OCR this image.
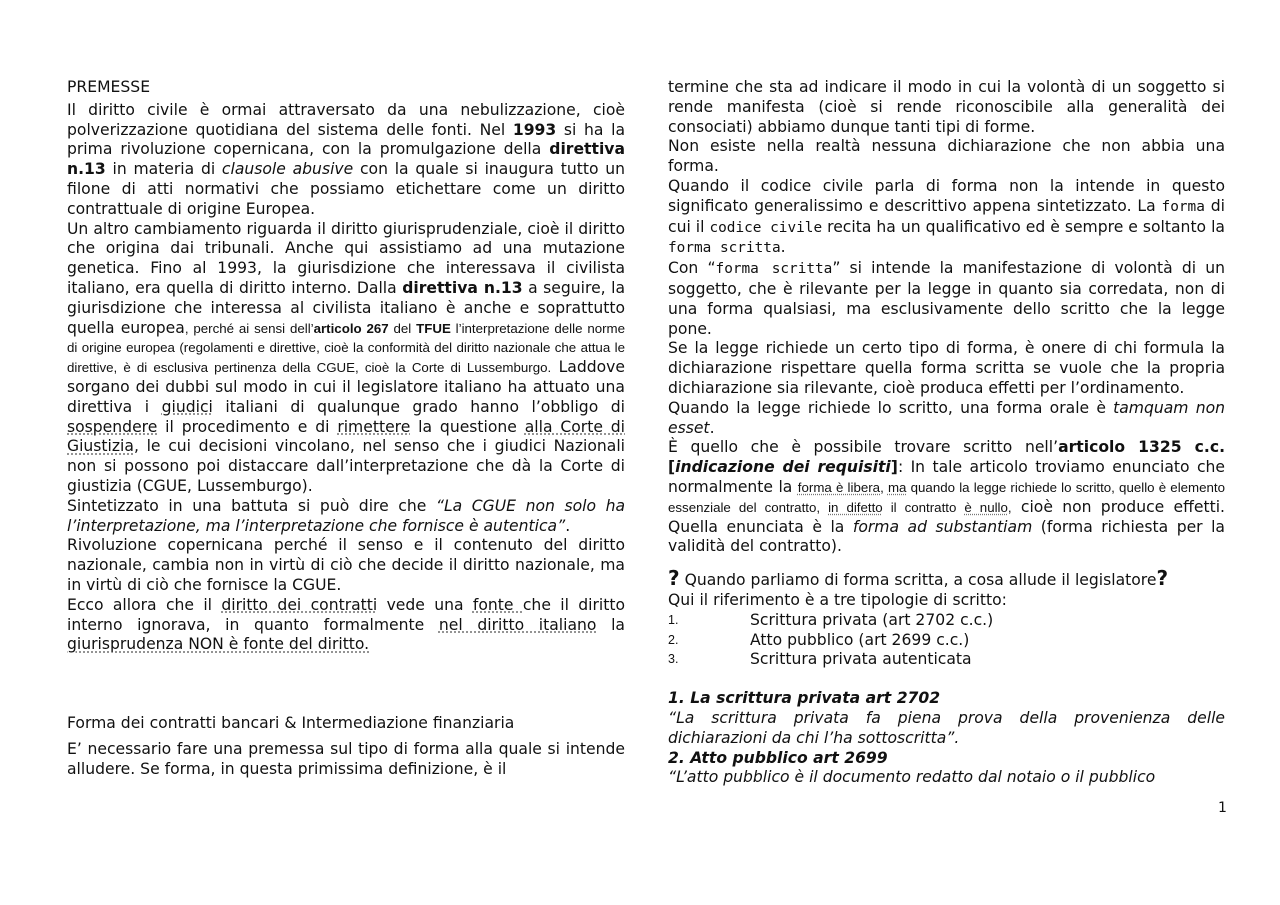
PREMESSE

Il diritto civile è ormai attraversato da una nebulizzazione, cioè polverizzazione quotidiana del sistema delle fonti. Nel 1993 si ha la prima rivoluzione copernicana, con la promulgazione della direttiva n.13 in materia di clausole abusive con la quale si inaugura tutto un filone di atti normativi che possiamo etichettare come un diritto contrattuale di origine Europea.

Un altro cambiamento riguarda il diritto giurisprudenziale, cioè il diritto che origina dai tribunali. Anche qui assistiamo ad una mutazione genetica. Fino al 1993, la giurisdizione che interessava il civilista italiano, era quella di diritto interno. Dalla direttiva n.13 a seguire, la giurisdizione che interessa al civilista italiano è anche e soprattutto quella europea, perché ai sensi dell’articolo 267 del TFUE l’interpretazione delle norme di origine europea (regolamenti e direttive, cioè la conformità del diritto nazionale che attua le direttive, è di esclusiva pertinenza della CGUE, cioè la Corte di Lussemburgo. Laddove sorgano dei dubbi sul modo in cui il legislatore italiano ha attuato una direttiva i giudici italiani di qualunque grado hanno l’obbligo di sospendere il procedimento e di rimettere la questione alla Corte di Giustizia, le cui decisioni vincolano, nel senso che i giudici Nazionali non si possono poi distaccare dall’interpretazione che dà la Corte di giustizia (CGUE, Lussemburgo).

Sintetizzato in una battuta si può dire che “La CGUE non solo ha l’interpretazione, ma l’interpretazione che fornisce è autentica”.

Rivoluzione copernicana perché il senso e il contenuto del diritto nazionale, cambia non in virtù di ciò che decide il diritto nazionale, ma in virtù di ciò che fornisce la CGUE.

Ecco allora che il diritto dei contratti vede una fonte che il diritto interno ignorava, in quanto formalmente nel diritto italiano la giurisprudenza NON è fonte del diritto.

Forma dei contratti bancari & Intermediazione finanziaria

E’ necessario fare una premessa sul tipo di forma alla quale si intende alludere. Se forma, in questa primissima definizione, è il

termine che sta ad indicare il modo in cui la volontà di un soggetto si rende manifesta (cioè si rende riconoscibile alla generalità dei consociati) abbiamo dunque tanti tipi di forme.

Non esiste nella realtà nessuna dichiarazione che non abbia una forma.

Quando il codice civile parla di forma non la intende in questo significato generalissimo e descrittivo appena sintetizzato. La forma di cui il codice civile recita ha un qualificativo ed è sempre e soltanto la forma scritta.

Con “forma scritta” si intende la manifestazione di volontà di un soggetto, che è rilevante per la legge in quanto sia corredata, non di una forma qualsiasi, ma esclusivamente dello scritto che la legge pone.

Se la legge richiede un certo tipo di forma, è onere di chi formula la dichiarazione rispettare quella forma scritta se vuole che la propria dichiarazione sia rilevante, cioè produca effetti per l’ordinamento.

Quando la legge richiede lo scritto, una forma orale è tamquam non esset.

È quello che è possibile trovare scritto nell’articolo 1325 c.c. [indicazione dei requisiti]: In tale articolo troviamo enunciato che normalmente la forma è libera, ma quando la legge richiede lo scritto, quello è elemento essenziale del contratto, in difetto il contratto è nullo, cioè non produce effetti. Quella enunciata è la forma ad substantiam (forma richiesta per la validità del contratto).

? Quando parliamo di forma scritta, a cosa allude il legislatore?

Qui il riferimento è a tre tipologie di scritto:

1.	Scrittura privata (art 2702 c.c.)
2.	Atto pubblico (art 2699 c.c.)
3.	Scrittura privata autenticata

1. La scrittura privata art 2702

“La scrittura privata fa piena prova della provenienza delle dichiarazioni da chi l’ha sottoscritta”.

2. Atto pubblico art 2699

“L’atto pubblico è il documento redatto dal notaio o il pubblico

1
